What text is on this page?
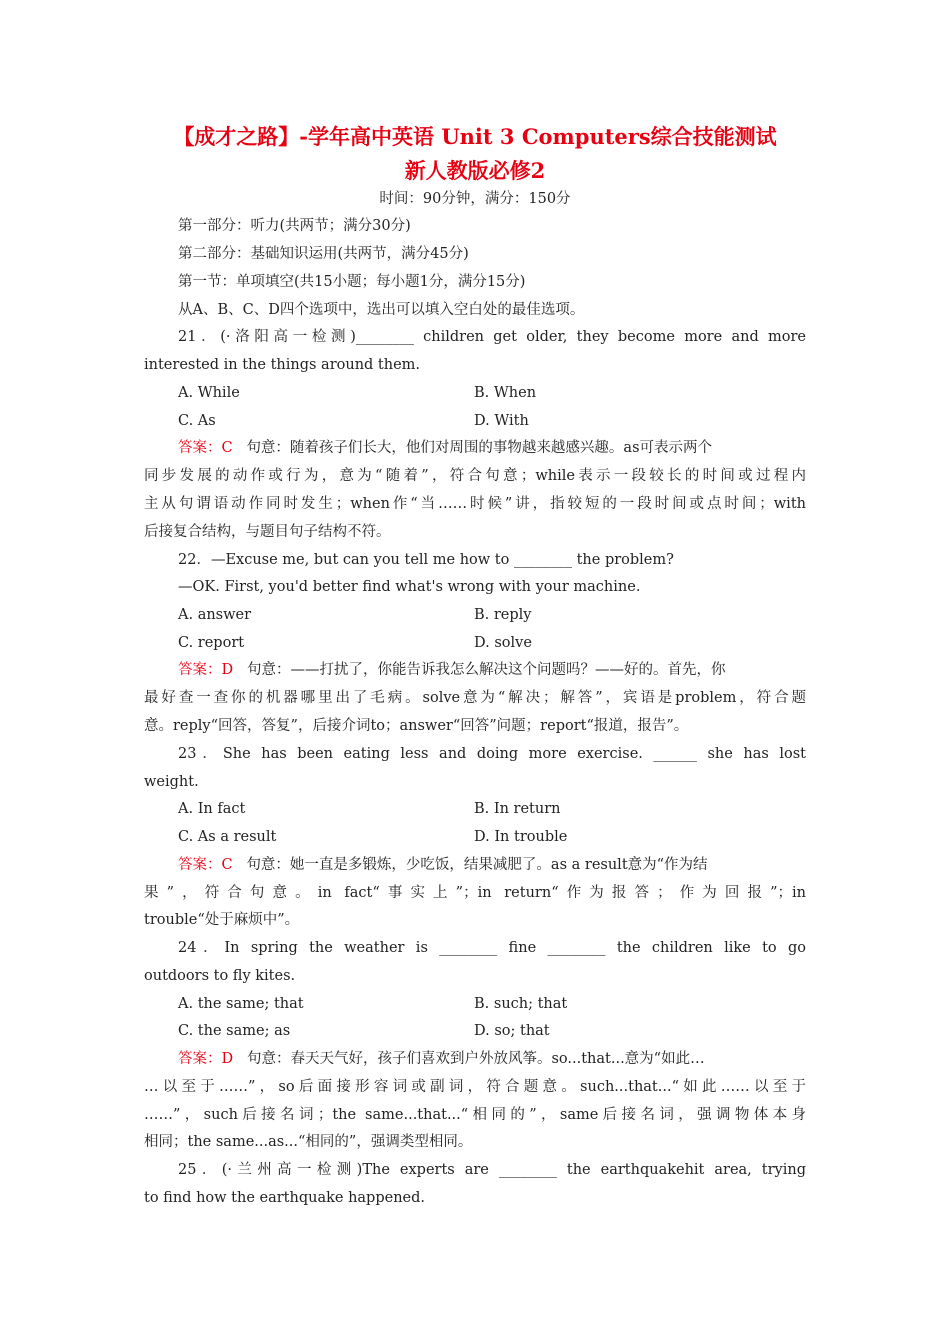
【成才之路】-学年高中英语 Unit 3 Computers综合技能测试
新人教版必修2
时间：90分钟，满分：150分
第一部分：听力(共两节；满分30分)
第二部分：基础知识运用(共两节，满分45分)
第一节：单项填空(共15小题；每小题1分，满分15分)
从A、B、C、D四个选项中，选出可以填入空白处的最佳选项。
21．(·洛阳高一检测)________ children get older, they become more and more
interested in the things around them.
A. While	B. When
C. As	D. With
答案：C 句意：随着孩子们长大，他们对周围的事物越来越感兴趣。as可表示两个
同步发展的动作或行为，意为“随着”，符合句意；while表示一段较长的时间或过程内
主从句谓语动作同时发生；when作“当……时候”讲，指较短的一段时间或点时间；with
后接复合结构，与题目句子结构不符。
22．—Excuse me, but can you tell me how to ________ the problem?
—OK. First, you'd better find what's wrong with your machine.
A. answer	B. reply
C. report	D. solve
答案：D 句意：——打扰了，你能告诉我怎么解决这个问题吗？——好的。首先，你
最好查一查你的机器哪里出了毛病。solve意为“解决；解答”，宾语是problem，符合题
意。reply“回答，答复”，后接介词to；answer“回答”问题；report“报道，报告”。
23．She has been eating less and doing more exercise. ______ she has lost
weight.
A. In fact	B. In return
C. As a result	D. In trouble
答案：C 句意：她一直是多锻炼，少吃饭，结果减肥了。as a result意为“作为结
果”，符合句意。in fact“事实上”；in return“作为报答；作为回报”；in
trouble“处于麻烦中”。
24．In spring the weather is ________ fine ________ the children like to go
outdoors to fly kites.
A. the same; that	B. such; that
C. the same; as	D. so; that
答案：D 句意：春天天气好，孩子们喜欢到户外放风筝。so...that...意为“如此…
…以至于……”，so后面接形容词或副词，符合题意。such...that...“如此……以至于
……”，such后接名词；the same...that...“相同的”，same后接名词，强调物体本身
相同；the same...as...“相同的”，强调类型相同。
25．(·兰州高一检测)The experts are ________ the earthquakehit area, trying
to find how the earthquake happened.
